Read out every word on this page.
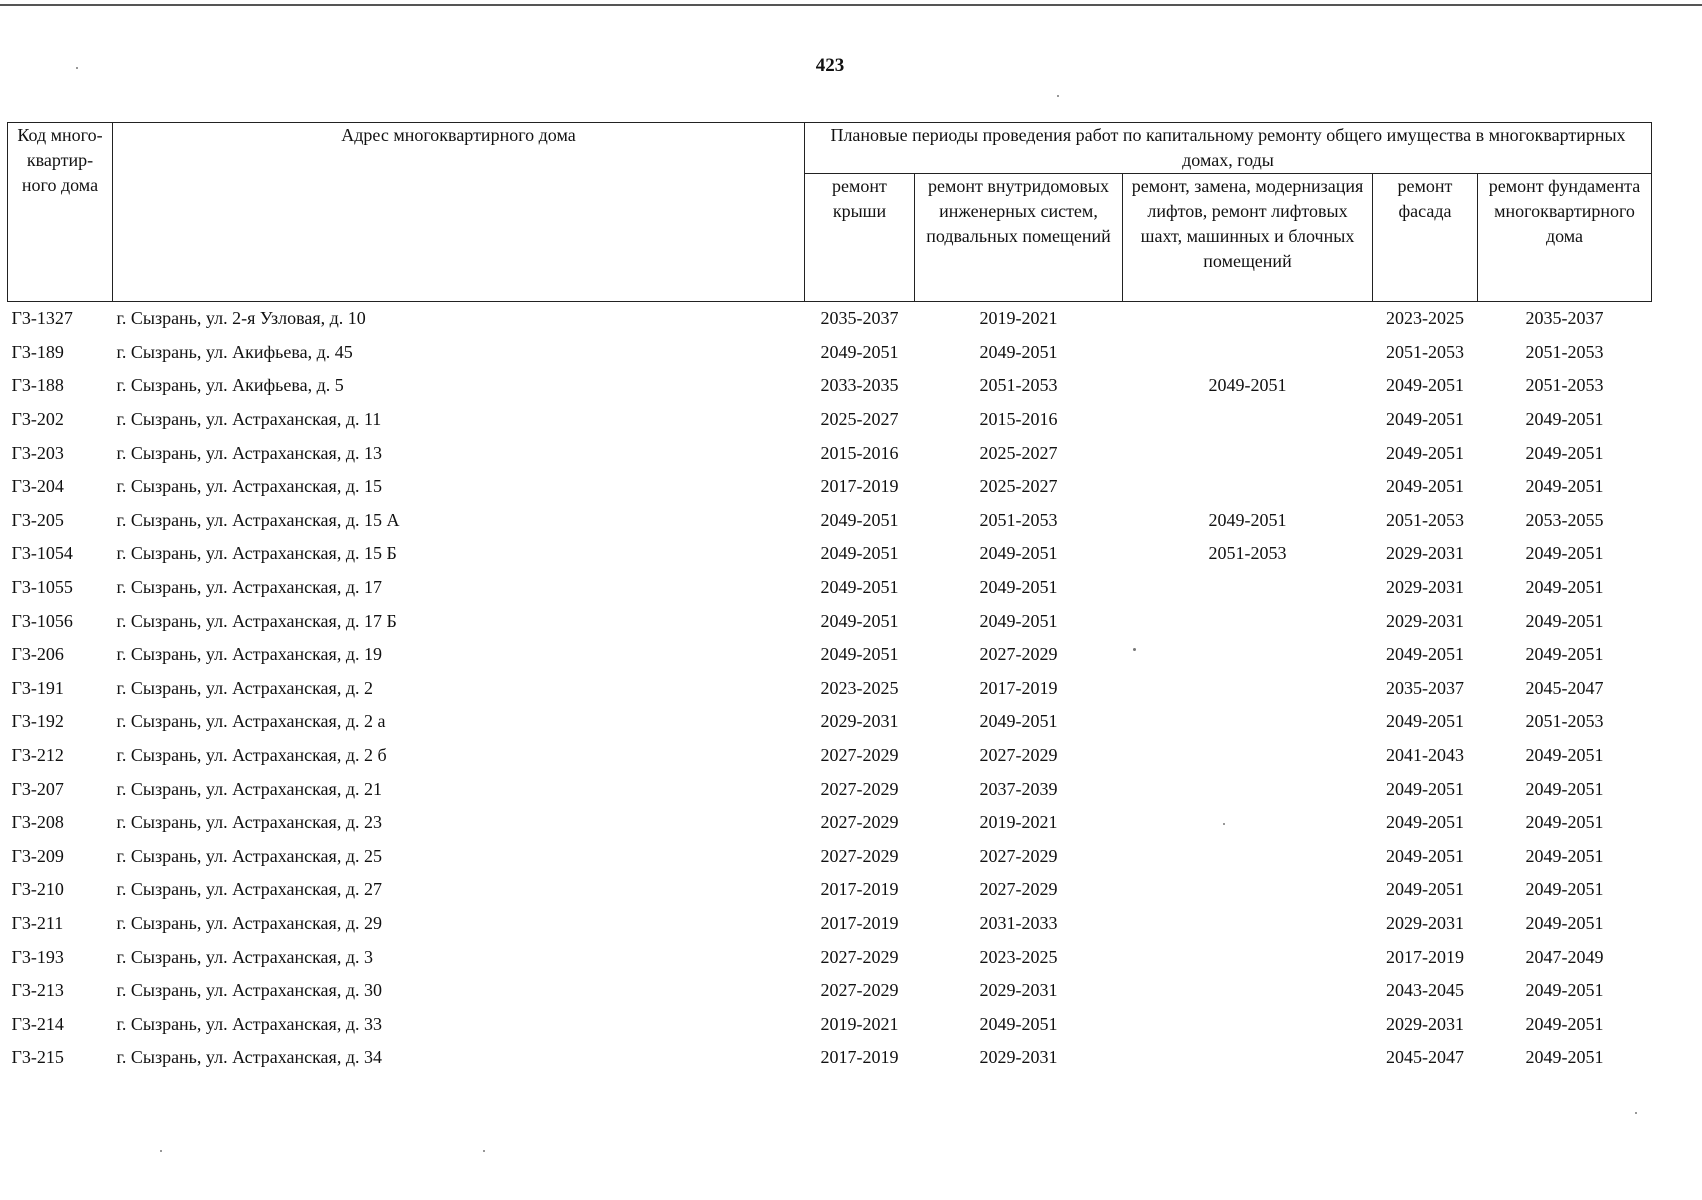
423
Код много-квартир-ного дома	Адрес многоквартирного дома	Плановые периоды проведения работ по капитальному ремонту общего имущества в многоквартирных домах, годы				
		ремонт крыши	ремонт внутридомовых инженерных систем, подвальных помещений	ремонт, замена, модернизация лифтов, ремонт лифтовых шахт, машинных и блочных помещений	ремонт фасада	ремонт фундамента многоквартирного дома
Г3-1327	г. Сызрань, ул. 2-я Узловая, д. 10	2035-2037	2019-2021		2023-2025	2035-2037
Г3-189	г. Сызрань, ул. Акифьева, д. 45	2049-2051	2049-2051		2051-2053	2051-2053
Г3-188	г. Сызрань, ул. Акифьева, д. 5	2033-2035	2051-2053	2049-2051	2049-2051	2051-2053
Г3-202	г. Сызрань, ул. Астраханская, д. 11	2025-2027	2015-2016		2049-2051	2049-2051
Г3-203	г. Сызрань, ул. Астраханская, д. 13	2015-2016	2025-2027		2049-2051	2049-2051
Г3-204	г. Сызрань, ул. Астраханская, д. 15	2017-2019	2025-2027		2049-2051	2049-2051
Г3-205	г. Сызрань, ул. Астраханская, д. 15 А	2049-2051	2051-2053	2049-2051	2051-2053	2053-2055
Г3-1054	г. Сызрань, ул. Астраханская, д. 15 Б	2049-2051	2049-2051	2051-2053	2029-2031	2049-2051
Г3-1055	г. Сызрань, ул. Астраханская, д. 17	2049-2051	2049-2051		2029-2031	2049-2051
Г3-1056	г. Сызрань, ул. Астраханская, д. 17 Б	2049-2051	2049-2051		2029-2031	2049-2051
Г3-206	г. Сызрань, ул. Астраханская, д. 19	2049-2051	2027-2029		2049-2051	2049-2051
Г3-191	г. Сызрань, ул. Астраханская, д. 2	2023-2025	2017-2019		2035-2037	2045-2047
Г3-192	г. Сызрань, ул. Астраханская, д. 2 а	2029-2031	2049-2051		2049-2051	2051-2053
Г3-212	г. Сызрань, ул. Астраханская, д. 2 б	2027-2029	2027-2029		2041-2043	2049-2051
Г3-207	г. Сызрань, ул. Астраханская, д. 21	2027-2029	2037-2039		2049-2051	2049-2051
Г3-208	г. Сызрань, ул. Астраханская, д. 23	2027-2029	2019-2021		2049-2051	2049-2051
Г3-209	г. Сызрань, ул. Астраханская, д. 25	2027-2029	2027-2029		2049-2051	2049-2051
Г3-210	г. Сызрань, ул. Астраханская, д. 27	2017-2019	2027-2029		2049-2051	2049-2051
Г3-211	г. Сызрань, ул. Астраханская, д. 29	2017-2019	2031-2033		2029-2031	2049-2051
Г3-193	г. Сызрань, ул. Астраханская, д. 3	2027-2029	2023-2025		2017-2019	2047-2049
Г3-213	г. Сызрань, ул. Астраханская, д. 30	2027-2029	2029-2031		2043-2045	2049-2051
Г3-214	г. Сызрань, ул. Астраханская, д. 33	2019-2021	2049-2051		2029-2031	2049-2051
Г3-215	г. Сызрань, ул. Астраханская, д. 34	2017-2019	2029-2031		2045-2047	2049-2051
